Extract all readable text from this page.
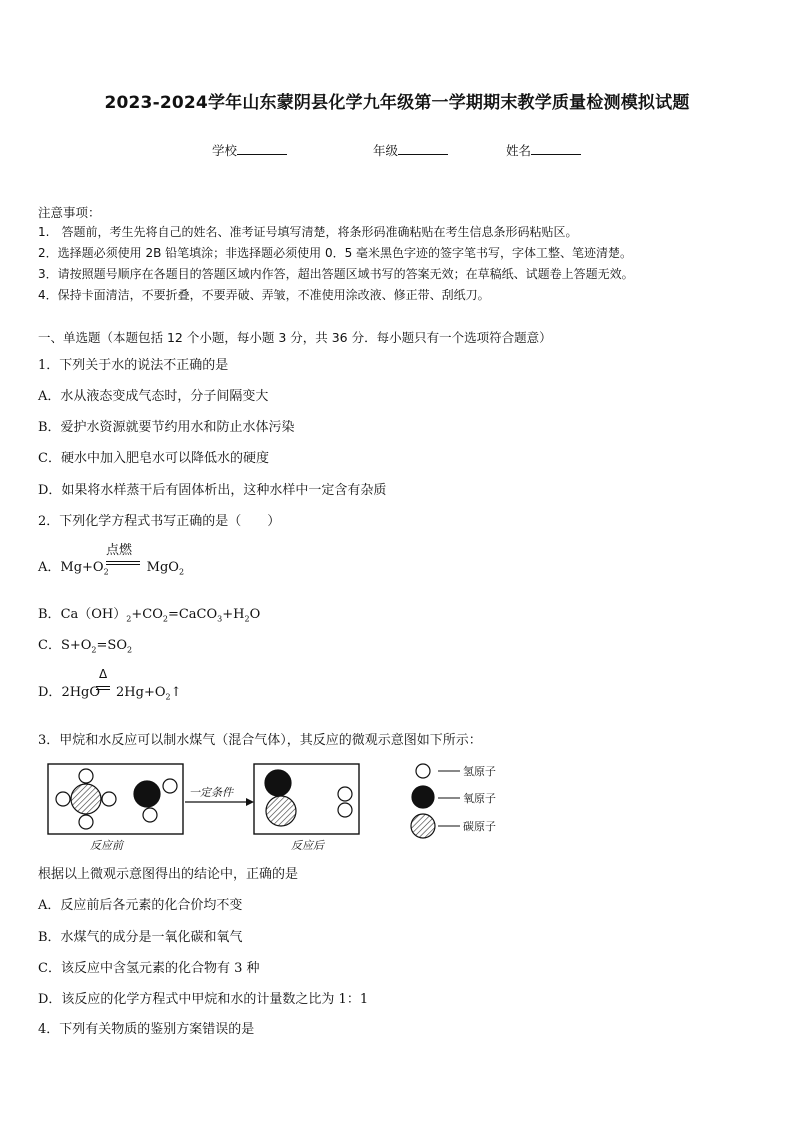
2023-2024学年山东蒙阴县化学九年级第一学期期末教学质量检测模拟试题
学校	年级	姓名
注意事项：
1.　答题前，考生先将自己的姓名、准考证号填写清楚，将条形码准确粘贴在考生信息条形码粘贴区。
2．选择题必须使用 2B 铅笔填涂；非选择题必须使用 0．5 毫米黑色字迹的签字笔书写，字体工整、笔迹清楚。
3．请按照题号顺序在各题目的答题区域内作答，超出答题区域书写的答案无效；在草稿纸、试题卷上答题无效。
4．保持卡面清洁，不要折叠，不要弄破、弄皱，不准使用涂改液、修正带、刮纸刀。
一、单选题（本题包括 12 个小题，每小题 3 分，共 36 分．每小题只有一个选项符合题意）
1．下列关于水的说法不正确的是
A．水从液态变成气态时，分子间隔变大
B．爱护水资源就要节约用水和防止水体污染
C．硬水中加入肥皂水可以降低水的硬度
D．如果将水样蒸干后有固体析出，这种水样中一定含有杂质
2．下列化学方程式书写正确的是（　　）
A．$Mg+O_2$	MgO$_2$
点燃
B．$Ca(OH)_2+CO_2=CaCO_3+H_2O$
C．$S+O_2=SO_2$
D．2HgO $2Hg+O_2↑$
Δ
3．甲烷和水反应可以制水煤气（混合气体），其反应的微观示意图如下所示：
一定条件
反应前	反应后
氢原子
氧原子
碳原子
根据以上微观示意图得出的结论中，正确的是
A．反应前后各元素的化合价均不变
B．水煤气的成分是一氧化碳和氧气
C．该反应中含氢元素的化合物有 3 种
D．该反应的化学方程式中甲烷和水的计量数之比为 1：1
4．下列有关物质的鉴别方案错误的是
